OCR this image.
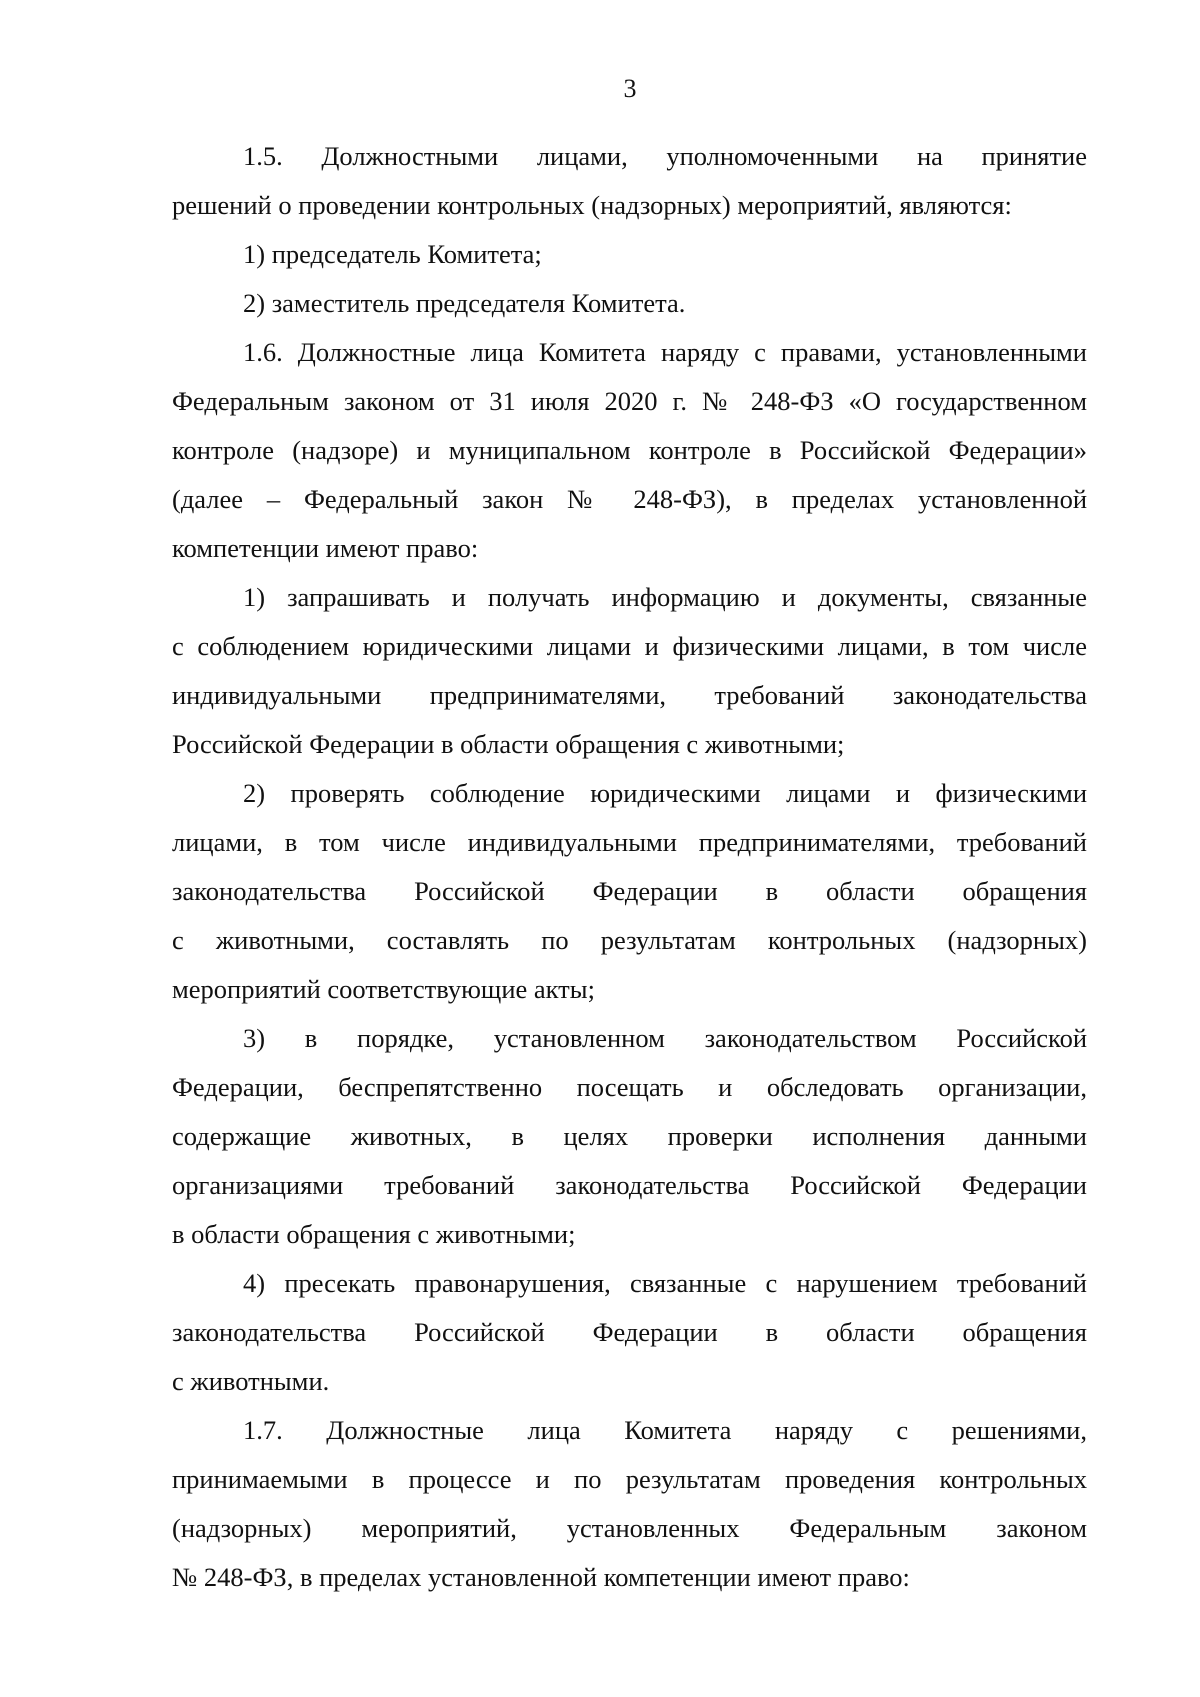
3
1.5. Должностными лицами, уполномоченными на принятие
решений о проведении контрольных (надзорных) мероприятий, являются:
1) председатель Комитета;
2) заместитель председателя Комитета.
1.6. Должностные лица Комитета наряду с правами, установленными
Федеральным законом от 31 июля 2020 г. № 248-ФЗ «О государственном
контроле (надзоре) и муниципальном контроле в Российской Федерации»
(далее – Федеральный закон № 248-ФЗ), в пределах установленной
компетенции имеют право:
1) запрашивать и получать информацию и документы, связанные
с соблюдением юридическими лицами и физическими лицами, в том числе
индивидуальными предпринимателями, требований законодательства
Российской Федерации в области обращения с животными;
2) проверять соблюдение юридическими лицами и физическими
лицами, в том числе индивидуальными предпринимателями, требований
законодательства Российской Федерации в области обращения
с животными, составлять по результатам контрольных (надзорных)
мероприятий соответствующие акты;
3) в порядке, установленном законодательством Российской
Федерации, беспрепятственно посещать и обследовать организации,
содержащие животных, в целях проверки исполнения данными
организациями требований законодательства Российской Федерации
в области обращения с животными;
4) пресекать правонарушения, связанные с нарушением требований
законодательства Российской Федерации в области обращения
с животными.
1.7. Должностные лица Комитета наряду с решениями,
принимаемыми в процессе и по результатам проведения контрольных
(надзорных) мероприятий, установленных Федеральным законом
№ 248-ФЗ, в пределах установленной компетенции имеют право:
